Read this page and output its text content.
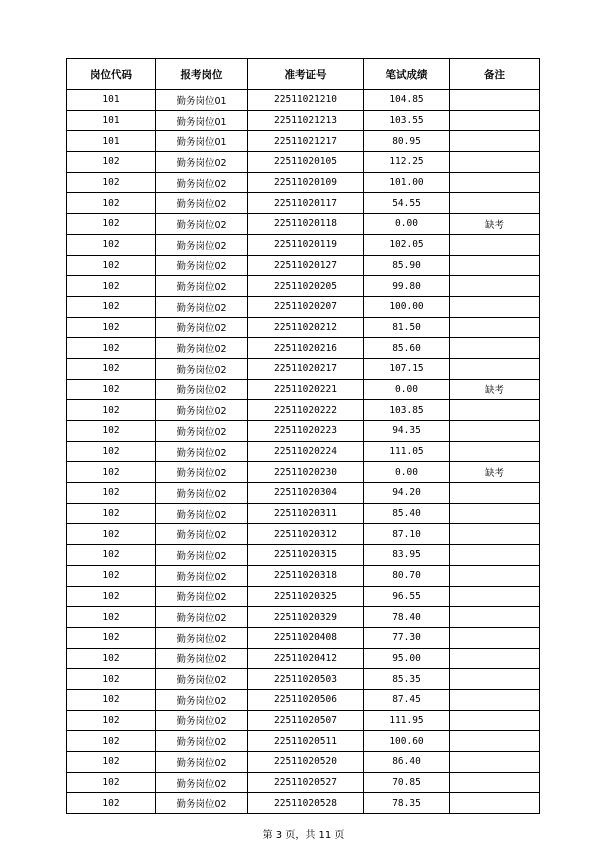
岗位代码	报考岗位	准考证号	笔试成绩	备注
101	勤务岗位01	22511021210	104.85	
101	勤务岗位01	22511021213	103.55	
101	勤务岗位01	22511021217	80.95	
102	勤务岗位02	22511020105	112.25	
102	勤务岗位02	22511020109	101.00	
102	勤务岗位02	22511020117	54.55	
102	勤务岗位02	22511020118	0.00	缺考
102	勤务岗位02	22511020119	102.05	
102	勤务岗位02	22511020127	85.90	
102	勤务岗位02	22511020205	99.80	
102	勤务岗位02	22511020207	100.00	
102	勤务岗位02	22511020212	81.50	
102	勤务岗位02	22511020216	85.60	
102	勤务岗位02	22511020217	107.15	
102	勤务岗位02	22511020221	0.00	缺考
102	勤务岗位02	22511020222	103.85	
102	勤务岗位02	22511020223	94.35	
102	勤务岗位02	22511020224	111.05	
102	勤务岗位02	22511020230	0.00	缺考
102	勤务岗位02	22511020304	94.20	
102	勤务岗位02	22511020311	85.40	
102	勤务岗位02	22511020312	87.10	
102	勤务岗位02	22511020315	83.95	
102	勤务岗位02	22511020318	80.70	
102	勤务岗位02	22511020325	96.55	
102	勤务岗位02	22511020329	78.40	
102	勤务岗位02	22511020408	77.30	
102	勤务岗位02	22511020412	95.00	
102	勤务岗位02	22511020503	85.35	
102	勤务岗位02	22511020506	87.45	
102	勤务岗位02	22511020507	111.95	
102	勤务岗位02	22511020511	100.60	
102	勤务岗位02	22511020520	86.40	
102	勤务岗位02	22511020527	70.85	
102	勤务岗位02	22511020528	78.35	
第 3 页，共 11 页
